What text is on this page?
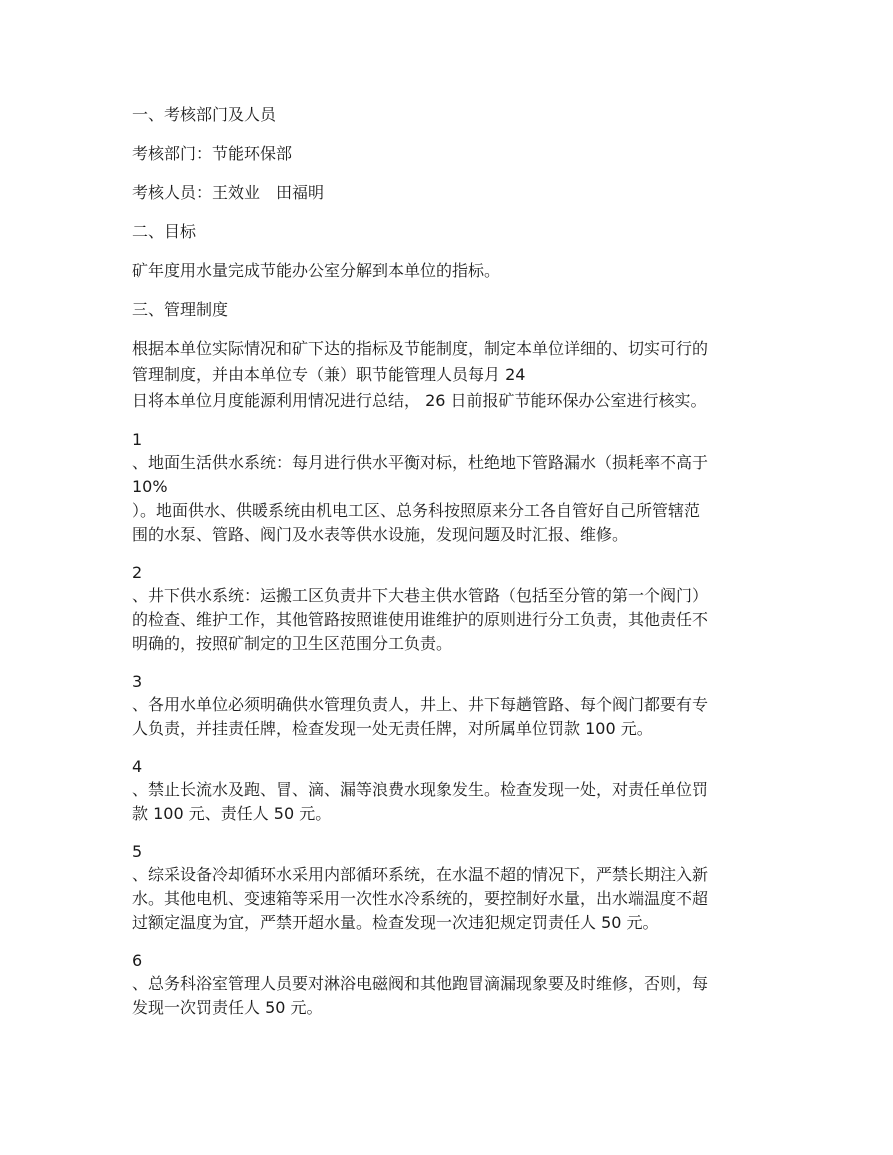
一、考核部门及人员

考核部门：节能环保部

考核人员：王效业　田福明

二、目标

矿年度用水量完成节能办公室分解到本单位的指标。

三、管理制度

根据本单位实际情况和矿下达的指标及节能制度，制定本单位详细的、切实可行的

管理制度，并由本单位专（兼）职节能管理人员每月 24

日将本单位月度能源利用情况进行总结， 26 日前报矿节能环保办公室进行核实。

1

、地面生活供水系统：每月进行供水平衡对标，杜绝地下管路漏水（损耗率不高于

10%

）。地面供水、供暖系统由机电工区、总务科按照原来分工各自管好自己所管辖范

围的水泵、管路、阀门及水表等供水设施，发现问题及时汇报、维修。

2

、井下供水系统：运搬工区负责井下大巷主供水管路（包括至分管的第一个阀门）

的检查、维护工作，其他管路按照谁使用谁维护的原则进行分工负责，其他责任不

明确的，按照矿制定的卫生区范围分工负责。

3

、各用水单位必须明确供水管理负责人，井上、井下每趟管路、每个阀门都要有专

人负责，并挂责任牌，检查发现一处无责任牌，对所属单位罚款 100 元。

4

、禁止长流水及跑、冒、滴、漏等浪费水现象发生。检查发现一处，对责任单位罚

款 100 元、责任人 50 元。

5

、综采设备冷却循环水采用内部循环系统，在水温不超的情况下，严禁长期注入新

水。其他电机、变速箱等采用一次性水冷系统的，要控制好水量，出水端温度不超

过额定温度为宜，严禁开超水量。检查发现一次违犯规定罚责任人 50 元。

6

、总务科浴室管理人员要对淋浴电磁阀和其他跑冒滴漏现象要及时维修，否则，每

发现一次罚责任人 50 元。
